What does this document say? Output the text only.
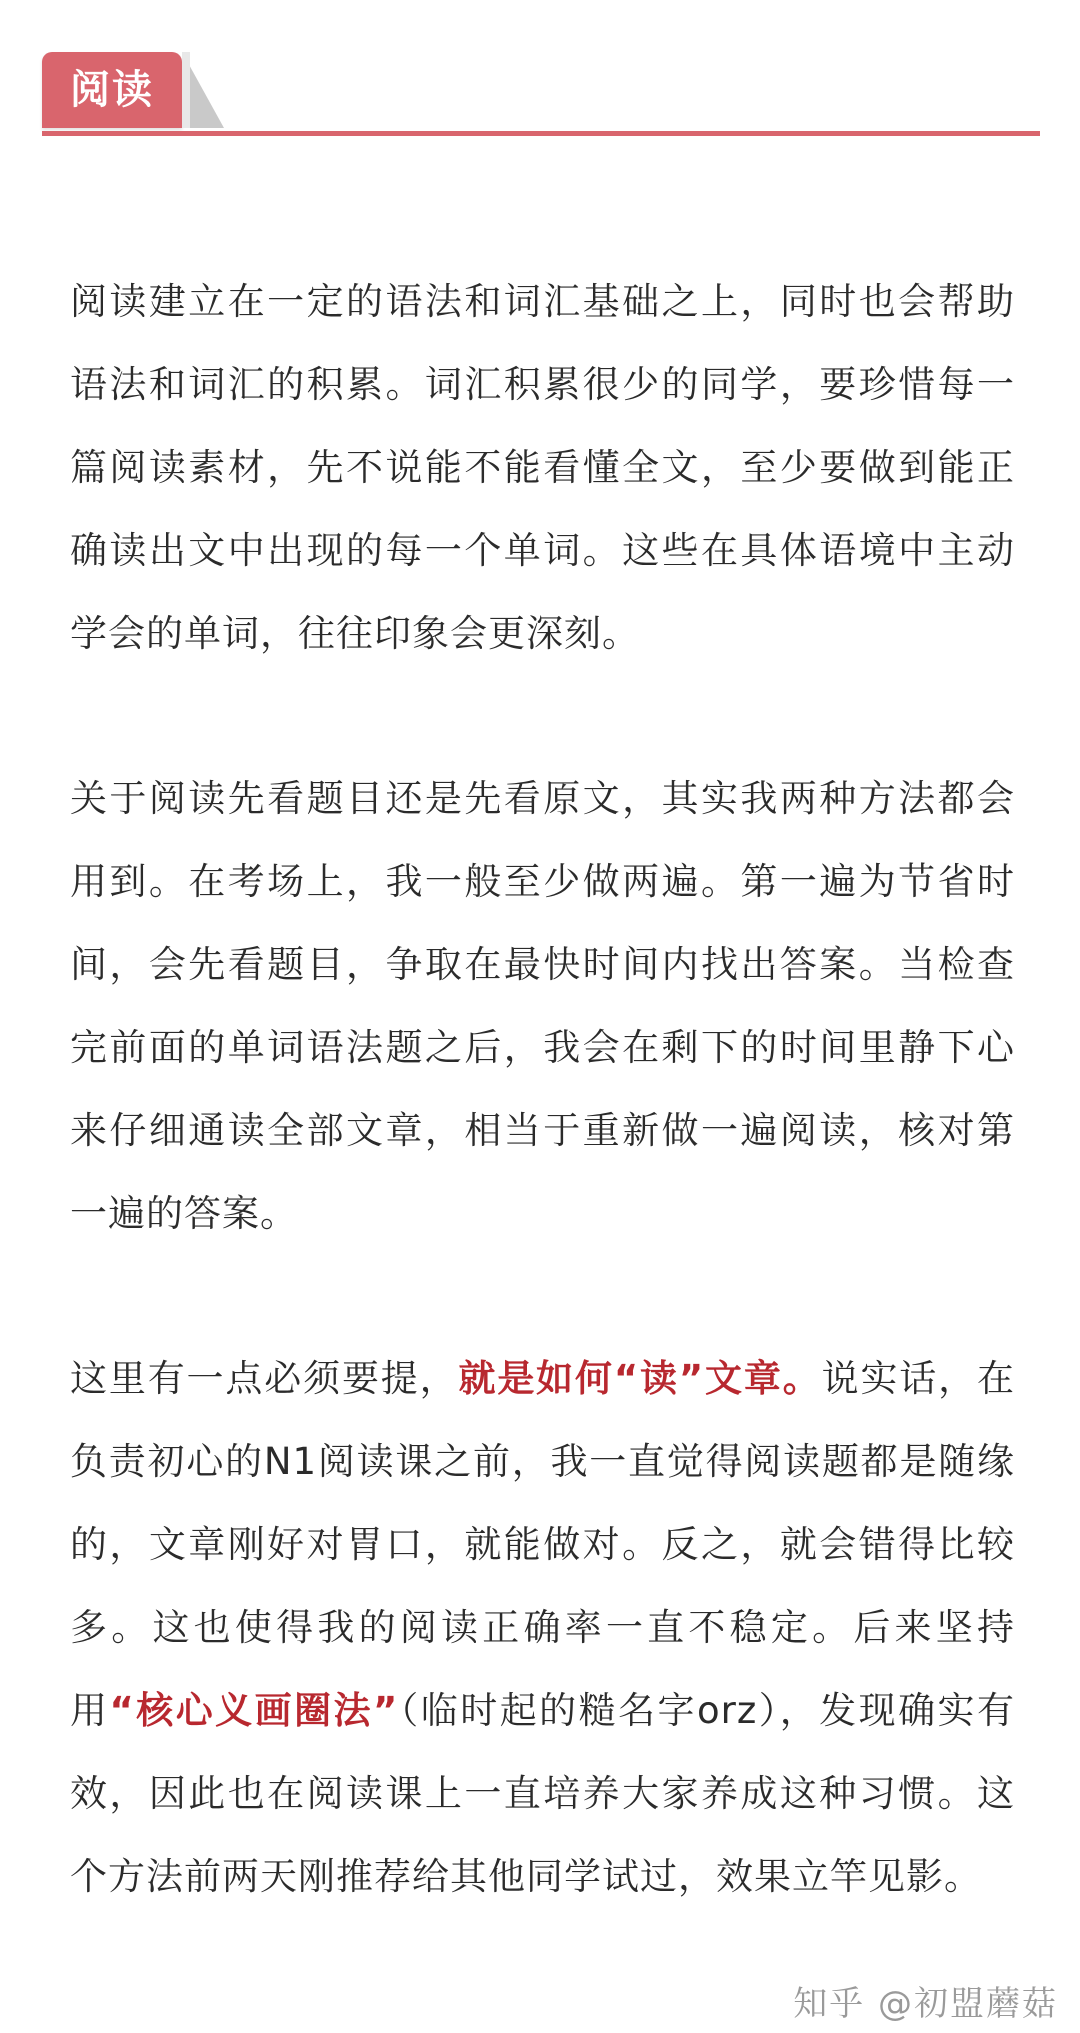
阅读

阅读建立在一定的语法和词汇基础之上，同时也会帮助语法和词汇的积累。词汇积累很少的同学，要珍惜每一篇阅读素材，先不说能不能看懂全文，至少要做到能正确读出文中出现的每一个单词。这些在具体语境中主动学会的单词，往往印象会更深刻。

关于阅读先看题目还是先看原文，其实我两种方法都会用到。在考场上，我一般至少做两遍。第一遍为节省时间，会先看题目，争取在最快时间内找出答案。当检查完前面的单词语法题之后，我会在剩下的时间里静下心来仔细通读全部文章，相当于重新做一遍阅读，核对第一遍的答案。

这里有一点必须要提，就是如何“读”文章。说实话，在负责初心的N1阅读课之前，我一直觉得阅读题都是随缘的，文章刚好对胃口，就能做对。反之，就会错得比较多。这也使得我的阅读正确率一直不稳定。后来坚持用“核心义画圈法”（临时起的糙名字orz），发现确实有效，因此也在阅读课上一直培养大家养成这种习惯。这个方法前两天刚推荐给其他同学试过，效果立竿见影。

知乎 @初盟蘑菇
